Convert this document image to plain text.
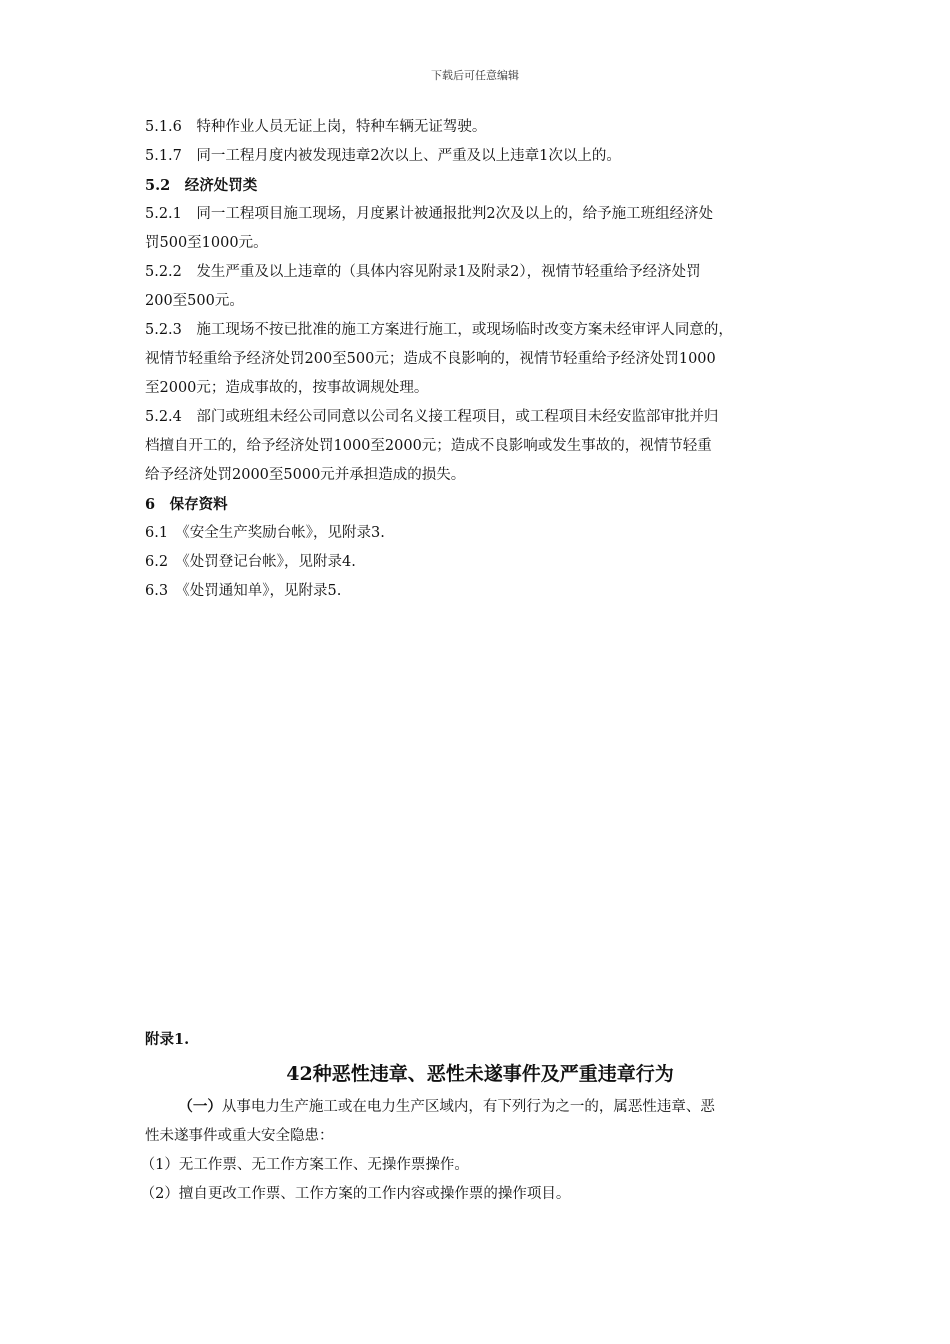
下载后可任意编辑

5.1.6　特种作业人员无证上岗，特种车辆无证驾驶。

5.1.7　同一工程月度内被发现违章2次以上、严重及以上违章1次以上的。

5.2　经济处罚类

5.2.1　同一工程项目施工现场，月度累计被通报批判2次及以上的，给予施工班组经济处

罚500至1000元。

5.2.2　发生严重及以上违章的（具体内容见附录1及附录2），视情节轻重给予经济处罚

200至500元。

5.2.3　施工现场不按已批准的施工方案进行施工，或现场临时改变方案未经审评人同意的，

视情节轻重给予经济处罚200至500元；造成不良影响的，视情节轻重给予经济处罚1000

至2000元；造成事故的，按事故调规处理。

5.2.4　部门或班组未经公司同意以公司名义接工程项目，或工程项目未经安监部审批并归

档擅自开工的，给予经济处罚1000至2000元；造成不良影响或发生事故的，视情节轻重

给予经济处罚2000至5000元并承担造成的损失。

6　保存资料

6.1　《安全生产奖励台帐》，见附录3.

6.2　《处罚登记台帐》，见附录4.

6.3　《处罚通知单》，见附录5.

附录1.

42种恶性违章、恶性未遂事件及严重违章行为

（一）从事电力生产施工或在电力生产区域内，有下列行为之一的，属恶性违章、恶

性未遂事件或重大安全隐患：

（1）无工作票、无工作方案工作、无操作票操作。

（2）擅自更改工作票、工作方案的工作内容或操作票的操作项目。
